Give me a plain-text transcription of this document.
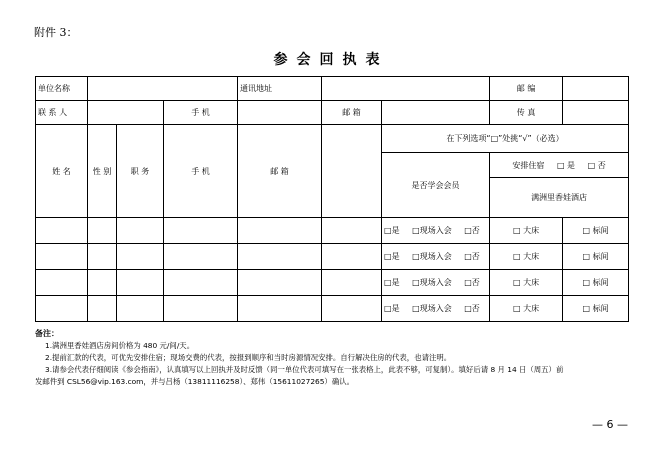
附件 3：
参会回执表
单位名称				通讯地址			邮 编	
联 系 人			手 机		邮 箱		传 真	
姓 名	性 别	职 务	手 机	邮 箱		在下列选项“□”处挑“√”（必选）		
						是否学会会员	安排住宿 □ 是 □ 否	
							满洲里香娃酒店	
						□是 □现场入会 □否	□ 大床	□ 标间
						□是 □现场入会 □否	□ 大床	□ 标间
						□是 □现场入会 □否	□ 大床	□ 标间
						□是 □现场入会 □否	□ 大床	□ 标间
备注：
1.满洲里香娃酒店房间价格为 480 元/间/天。
2.提前汇款的代表，可优先安排住宿；现场交费的代表，按报到顺序和当时房源情况安排。自行解决住房的代表，也请注明。
3.请参会代表仔细阅读《参会指南》，认真填写以上回执并及时反馈（同一单位代表可填写在一张表格上，此表不够，可复制）。填好后请 8 月 14 日（周五）前
发邮件到 CSL56@vip.163.com，并与吕杨（13811116258）、郑伟（15611027265）确认。
— 6 —
